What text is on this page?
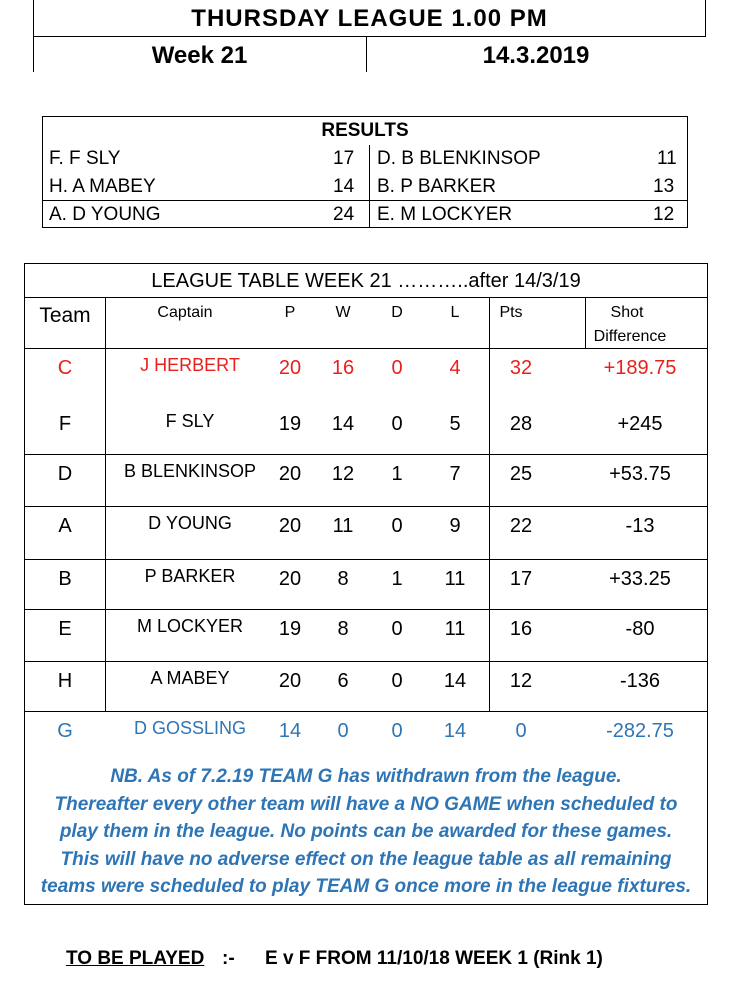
THURSDAY LEAGUE 1.00 PM
Week 21	14.3.2019
RESULTS
F. F SLY	17 D. B BLENKINSOP	11
H. A MABEY	14 B. P BARKER	13
A. D YOUNG	24 E. M LOCKYER	12
LEAGUE TABLE WEEK 21 ………..after 14/3/19
Team	Captain	P	W	D	L	Pts	Shot
Difference
C	J HERBERT	20	16	0	4	32	+189.75
F	F SLY	19	14	0	5	28	+245
D	B BLENKINSOP	20	12	1	7	25	+53.75
A	D YOUNG	20	11	0	9	22	-13
B	P BARKER	20	8	1	11	17	+33.25
E	M LOCKYER	19	8	0	11	16	-80
H	A MABEY	20	6	0	14	12	-136
G	D GOSSLING	14	0	0	14	0	-282.75
NB. As of 7.2.19 TEAM G has withdrawn from the league.
Thereafter every other team will have a NO GAME when scheduled to
play them in the league. No points can be awarded for these games.
This will have no adverse effect on the league table as all remaining
teams were scheduled to play TEAM G once more in the league fixtures.
TO BE PLAYED :- E v F FROM 11/10/18 WEEK 1 (Rink 1)
